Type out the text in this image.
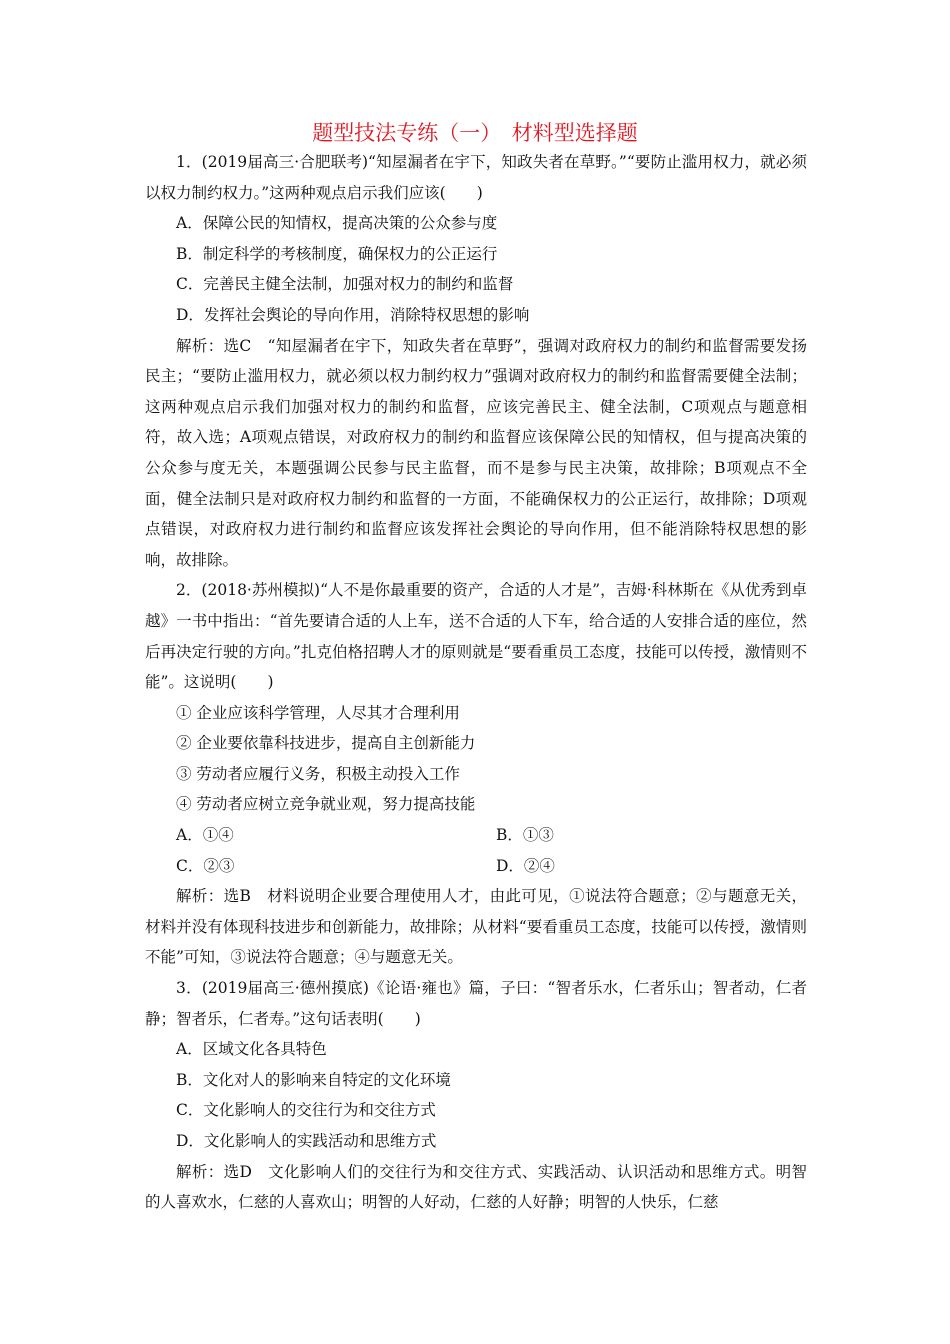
题型技法专练（一）　材料型选择题

1．(2019届高三·合肥联考)“知屋漏者在宇下，知政失者在草野。”“要防止滥用权力，就必须以权力制约权力。”这两种观点启示我们应该(　　)

A．保障公民的知情权，提高决策的公众参与度

B．制定科学的考核制度，确保权力的公正运行

C．完善民主健全法制，加强对权力的制约和监督

D．发挥社会舆论的导向作用，消除特权思想的影响

解析：选C　“知屋漏者在宇下，知政失者在草野”，强调对政府权力的制约和监督需要发扬民主；“要防止滥用权力，就必须以权力制约权力”强调对政府权力的制约和监督需要健全法制；这两种观点启示我们加强对权力的制约和监督，应该完善民主、健全法制，C项观点与题意相符，故入选；A项观点错误，对政府权力的制约和监督应该保障公民的知情权，但与提高决策的公众参与度无关，本题强调公民参与民主监督，而不是参与民主决策，故排除；B项观点不全面，健全法制只是对政府权力制约和监督的一方面，不能确保权力的公正运行，故排除；D项观点错误，对政府权力进行制约和监督应该发挥社会舆论的导向作用，但不能消除特权思想的影响，故排除。

2．(2018·苏州模拟)“人不是你最重要的资产，合适的人才是”，吉姆·科林斯在《从优秀到卓越》一书中指出：“首先要请合适的人上车，送不合适的人下车，给合适的人安排合适的座位，然后再决定行驶的方向。”扎克伯格招聘人才的原则就是“要看重员工态度，技能可以传授，激情则不能”。这说明(　　)

① 企业应该科学管理，人尽其才合理利用

② 企业要依靠科技进步，提高自主创新能力

③ 劳动者应履行义务，积极主动投入工作

④ 劳动者应树立竞争就业观，努力提高技能

A．①④	B．①③
C．②③	D．②④

解析：选B　材料说明企业要合理使用人才，由此可见，①说法符合题意；②与题意无关，材料并没有体现科技进步和创新能力，故排除；从材料“要看重员工态度，技能可以传授，激情则不能”可知，③说法符合题意；④与题意无关。

3．(2019届高三·德州摸底)《论语·雍也》篇，子曰：“智者乐水，仁者乐山；智者动，仁者静；智者乐，仁者寿。”这句话表明(　　)

A．区域文化各具特色

B．文化对人的影响来自特定的文化环境

C．文化影响人的交往行为和交往方式

D．文化影响人的实践活动和思维方式

解析：选D　文化影响人们的交往行为和交往方式、实践活动、认识活动和思维方式。明智的人喜欢水，仁慈的人喜欢山；明智的人好动，仁慈的人好静；明智的人快乐，仁慈
